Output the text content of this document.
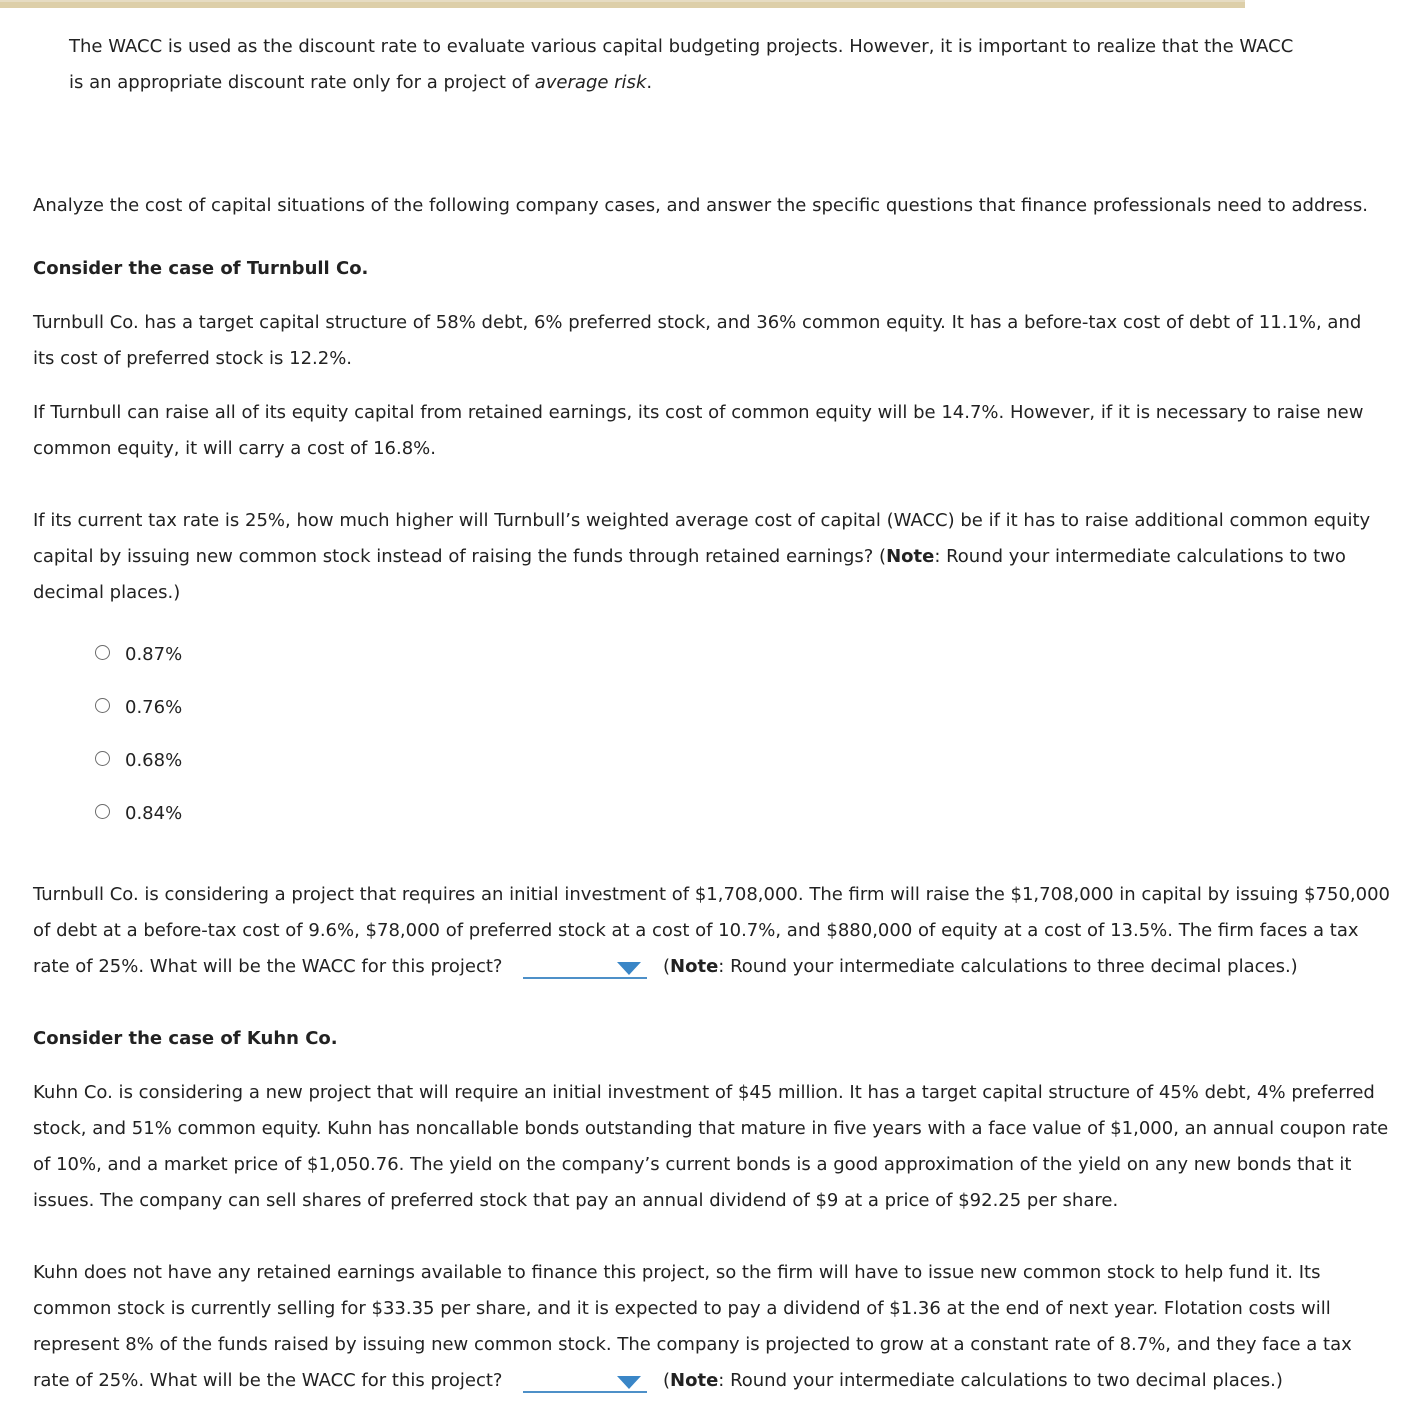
The WACC is used as the discount rate to evaluate various capital budgeting projects. However, it is important to realize that the WACC
is an appropriate discount rate only for a project of average risk.
Analyze the cost of capital situations of the following company cases, and answer the specific questions that finance professionals need to address.
Consider the case of Turnbull Co.
Turnbull Co. has a target capital structure of 58% debt, 6% preferred stock, and 36% common equity. It has a before-tax cost of debt of 11.1%, and
its cost of preferred stock is 12.2%.
If Turnbull can raise all of its equity capital from retained earnings, its cost of common equity will be 14.7%. However, if it is necessary to raise new
common equity, it will carry a cost of 16.8%.
If its current tax rate is 25%, how much higher will Turnbull’s weighted average cost of capital (WACC) be if it has to raise additional common equity
capital by issuing new common stock instead of raising the funds through retained earnings? (Note: Round your intermediate calculations to two
decimal places.)
0.87%
0.76%
0.68%
0.84%
Turnbull Co. is considering a project that requires an initial investment of $1,708,000. The firm will raise the $1,708,000 in capital by issuing $750,000
of debt at a before-tax cost of 9.6%, $78,000 of preferred stock at a cost of 10.7%, and $880,000 of equity at a cost of 13.5%. The firm faces a tax
rate of 25%. What will be the WACC for this project?	(Note: Round your intermediate calculations to three decimal places.)
Consider the case of Kuhn Co.
Kuhn Co. is considering a new project that will require an initial investment of $45 million. It has a target capital structure of 45% debt, 4% preferred
stock, and 51% common equity. Kuhn has noncallable bonds outstanding that mature in five years with a face value of $1,000, an annual coupon rate
of 10%, and a market price of $1,050.76. The yield on the company’s current bonds is a good approximation of the yield on any new bonds that it
issues. The company can sell shares of preferred stock that pay an annual dividend of $9 at a price of $92.25 per share.
Kuhn does not have any retained earnings available to finance this project, so the firm will have to issue new common stock to help fund it. Its
common stock is currently selling for $33.35 per share, and it is expected to pay a dividend of $1.36 at the end of next year. Flotation costs will
represent 8% of the funds raised by issuing new common stock. The company is projected to grow at a constant rate of 8.7%, and they face a tax
rate of 25%. What will be the WACC for this project?	(Note: Round your intermediate calculations to two decimal places.)
